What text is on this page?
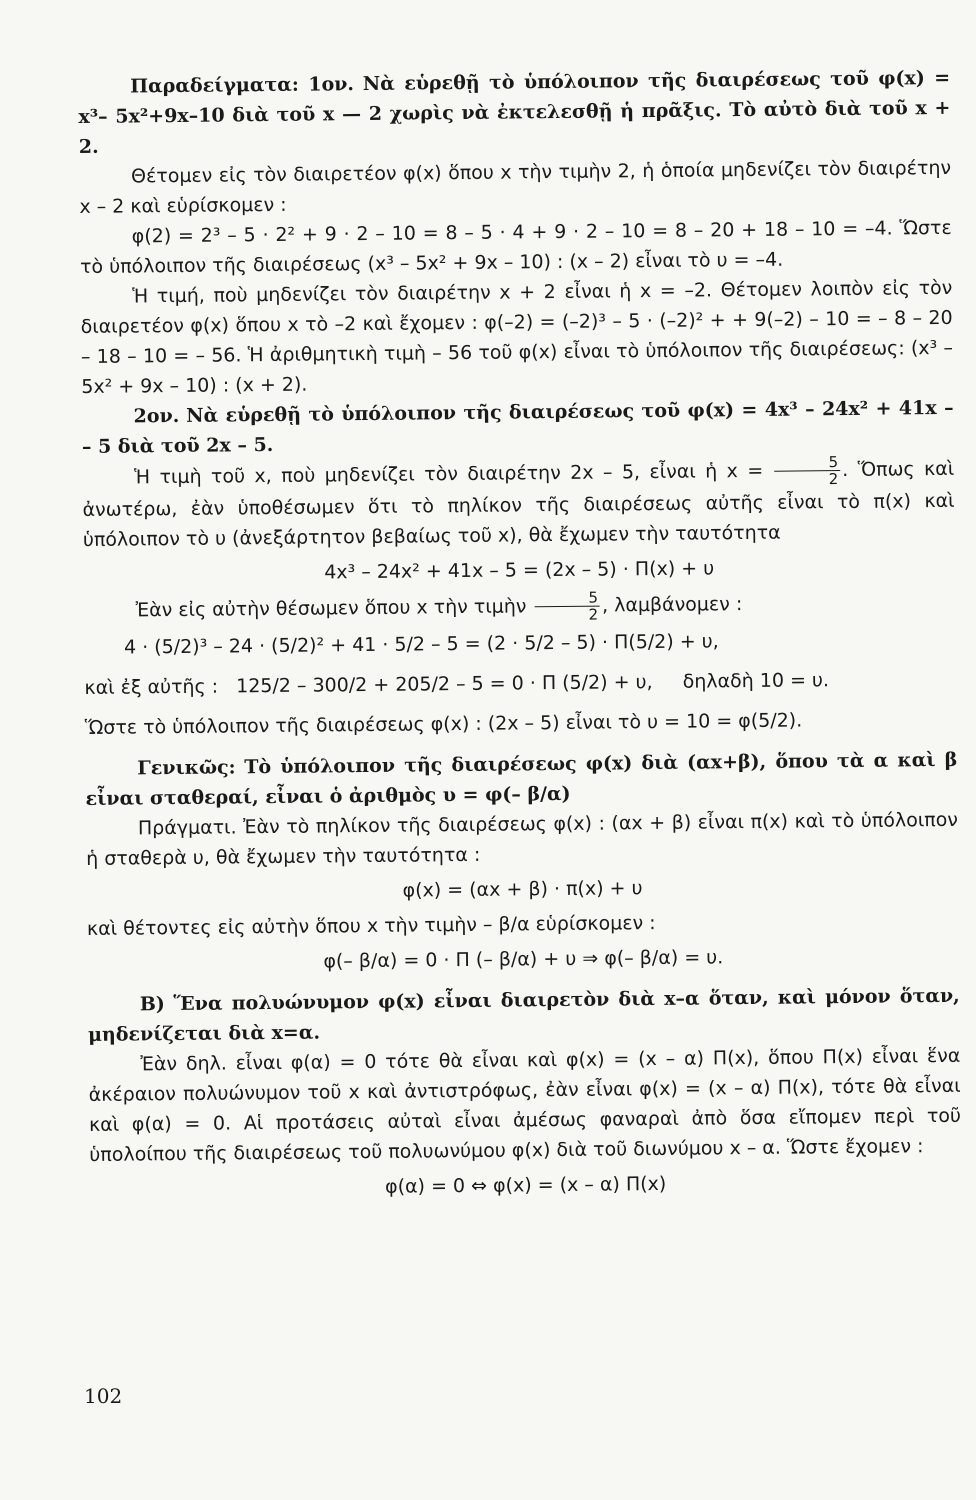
Παραδείγματα: 1ον. Νὰ εὑρεθῇ τὸ ὑπόλοιπον τῆς διαιρέσεως τοῦ φ(x) = x³– 5x²+9x–10 διὰ τοῦ x — 2 χωρὶς νὰ ἐκτελεσθῇ ἡ πρᾶξις. Τὸ αὐτὸ διὰ τοῦ x + 2.

Θέτομεν εἰς τὸν διαιρετέον φ(x) ὅπου x τὴν τιμὴν 2, ἡ ὁποία μηδενίζει τὸν διαιρέτην x – 2 καὶ εὑρίσκομεν :

φ(2) = 2³ – 5 · 2² + 9 · 2 – 10 = 8 – 5 · 4 + 9 · 2 – 10 = 8 – 20 + 18 – 10 = –4. Ὥστε τὸ ὑπόλοιπον τῆς διαιρέσεως (x³ – 5x² + 9x – 10) : (x – 2) εἶναι τὸ υ = –4.

Ἡ τιμή, ποὺ μηδενίζει τὸν διαιρέτην x + 2 εἶναι ἡ x = –2. Θέτομεν λοιπὸν εἰς τὸν διαιρετέον φ(x) ὅπου x τὸ –2 καὶ ἔχομεν : φ(–2) = (–2)³ – 5 · (–2)² + + 9(–2) – 10 = – 8 – 20 – 18 – 10 = – 56. Ἡ ἀριθμητικὴ τιμὴ – 56 τοῦ φ(x) εἶναι τὸ ὑπόλοιπον τῆς διαιρέσεως: (x³ – 5x² + 9x – 10) : (x + 2).

2ον. Νὰ εὑρεθῇ τὸ ὑπόλοιπον τῆς διαιρέσεως τοῦ φ(x) = 4x³ – 24x² + 41x – – 5 διὰ τοῦ 2x – 5.

Ἡ τιμὴ τοῦ x, ποὺ μηδενίζει τὸν διαιρέτην 2x – 5, εἶναι ἡ $x = \frac{5}{2}$ . Ὅπως καὶ ἀνωτέρω, ἐὰν ὑποθέσωμεν ὅτι τὸ πηλίκον τῆς διαιρέσεως αὐτῆς εἶναι τὸ π(x) καὶ ὑπόλοιπον τὸ υ (ἀνεξάρτητον βεβαίως τοῦ x), θὰ ἔχωμεν τὴν ταυτότητα

4x³ – 24x² + 41x – 5 = (2x – 5) · Π(x) + υ

Ἐὰν εἰς αὐτὴν θέσωμεν ὅπου x τὴν τιμὴν $\frac{5}{2}$ , λαμβάνομεν :

4 · (5/2)³ – 24 · (5/2)² + 41 · 5/2 – 5 = (2 · 5/2 – 5) · Π(5/2) + υ,

καὶ ἐξ αὐτῆς : 125/2 – 300/2 + 205/2 – 5 = 0 · Π (5/2) + υ, δηλαδὴ 10 = υ.

Ὥστε τὸ ὑπόλοιπον τῆς διαιρέσεως φ(x) : (2x – 5) εἶναι τὸ υ = 10 = φ(5/2).

Γενικῶς: Τὸ ὑπόλοιπον τῆς διαιρέσεως φ(x) διὰ (αx+β), ὅπου τὰ α καὶ β εἶναι σταθεραί, εἶναι ὁ ἀριθμὸς υ = φ(– β/α)

Πράγματι. Ἐὰν τὸ πηλίκον τῆς διαιρέσεως φ(x) : (αx + β) εἶναι π(x) καὶ τὸ ὑπόλοιπον ἡ σταθερὰ υ, θὰ ἔχωμεν τὴν ταυτότητα :

φ(x) = (αx + β) · π(x) + υ

καὶ θέτοντες εἰς αὐτὴν ὅπου x τὴν τιμὴν – β/α εὑρίσκομεν :

φ(– β/α) = 0 · Π (– β/α) + υ ⇒ φ(– β/α) = υ.

Β) Ἕνα πολυώνυμον φ(x) εἶναι διαιρετὸν διὰ x–α ὅταν, καὶ μόνον ὅταν, μηδενίζεται διὰ x=α.

Ἐὰν δηλ. εἶναι φ(α) = 0 τότε θὰ εἶναι καὶ φ(x) = (x – α) Π(x), ὅπου Π(x) εἶναι ἕνα ἀκέραιον πολυώνυμον τοῦ x καὶ ἀντιστρόφως, ἐὰν εἶναι φ(x) = (x – α) Π(x), τότε θὰ εἶναι καὶ φ(α) = 0. Αἱ προτάσεις αὐταὶ εἶναι ἀμέσως φαναραὶ ἀπὸ ὅσα εἴπομεν περὶ τοῦ ὑπολοίπου τῆς διαιρέσεως τοῦ πολυωνύμου φ(x) διὰ τοῦ διωνύμου x – α. Ὥστε ἔχομεν :

φ(α) = 0 ⇔ φ(x) = (x – α) Π(x)

102
